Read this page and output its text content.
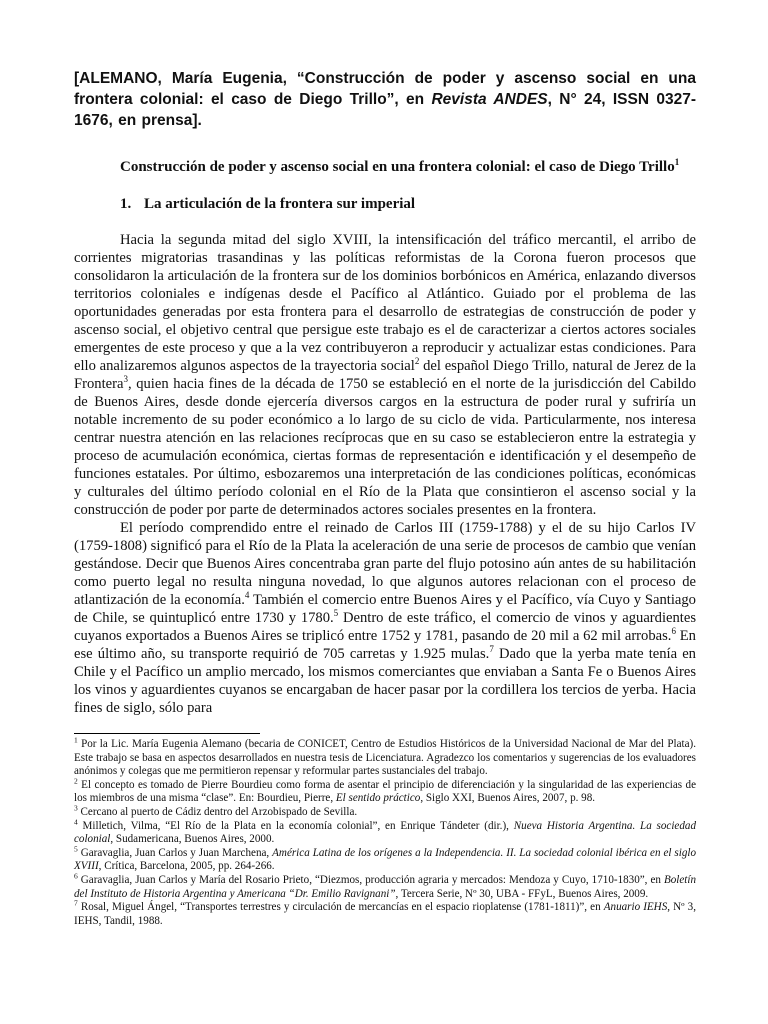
[ALEMANO, María Eugenia, “Construcción de poder y ascenso social en una frontera colonial: el caso de Diego Trillo”, en Revista ANDES, N° 24, ISSN 0327-1676, en prensa].

Construcción de poder y ascenso social en una frontera colonial: el caso de Diego Trillo$^1$

1. La articulación de la frontera sur imperial

Hacia la segunda mitad del siglo XVIII, la intensificación del tráfico mercantil, el arribo de corrientes migratorias trasandinas y las políticas reformistas de la Corona fueron procesos que consolidaron la articulación de la frontera sur de los dominios borbónicos en América, enlazando diversos territorios coloniales e indígenas desde el Pacífico al Atlántico. Guiado por el problema de las oportunidades generadas por esta frontera para el desarrollo de estrategias de construcción de poder y ascenso social, el objetivo central que persigue este trabajo es el de caracterizar a ciertos actores sociales emergentes de este proceso y que a la vez contribuyeron a reproducir y actualizar estas condiciones. Para ello analizaremos algunos aspectos de la trayectoria social$^2$ del español Diego Trillo, natural de Jerez de la Frontera$^3$, quien hacia fines de la década de 1750 se estableció en el norte de la jurisdicción del Cabildo de Buenos Aires, desde donde ejercería diversos cargos en la estructura de poder rural y sufriría un notable incremento de su poder económico a lo largo de su ciclo de vida. Particularmente, nos interesa centrar nuestra atención en las relaciones recíprocas que en su caso se establecieron entre la estrategia y proceso de acumulación económica, ciertas formas de representación e identificación y el desempeño de funciones estatales. Por último, esbozaremos una interpretación de las condiciones políticas, económicas y culturales del último período colonial en el Río de la Plata que consintieron el ascenso social y la construcción de poder por parte de determinados actores sociales presentes en la frontera.

El período comprendido entre el reinado de Carlos III (1759-1788) y el de su hijo Carlos IV (1759-1808) significó para el Río de la Plata la aceleración de una serie de procesos de cambio que venían gestándose. Decir que Buenos Aires concentraba gran parte del flujo potosino aún antes de su habilitación como puerto legal no resulta ninguna novedad, lo que algunos autores relacionan con el proceso de atlantización de la economía.$^4$ También el comercio entre Buenos Aires y el Pacífico, vía Cuyo y Santiago de Chile, se quintuplicó entre 1730 y 1780.$^5$ Dentro de este tráfico, el comercio de vinos y aguardientes cuyanos exportados a Buenos Aires se triplicó entre 1752 y 1781, pasando de 20 mil a 62 mil arrobas.$^6$ En ese último año, su transporte requirió de 705 carretas y 1.925 mulas.$^7$ Dado que la yerba mate tenía en Chile y el Pacífico un amplio mercado, los mismos comerciantes que enviaban a Santa Fe o Buenos Aires los vinos y aguardientes cuyanos se encargaban de hacer pasar por la cordillera los tercios de yerba. Hacia fines de siglo, sólo para

$^1$ Por la Lic. María Eugenia Alemano (becaria de CONICET, Centro de Estudios Históricos de la Universidad Nacional de Mar del Plata). Este trabajo se basa en aspectos desarrollados en nuestra tesis de Licenciatura. Agradezco los comentarios y sugerencias de los evaluadores anónimos y colegas que me permitieron repensar y reformular partes sustanciales del trabajo.

$^2$ El concepto es tomado de Pierre Bourdieu como forma de asentar el principio de diferenciación y la singularidad de las experiencias de los miembros de una misma “clase”. En: Bourdieu, Pierre, El sentido práctico, Siglo XXI, Buenos Aires, 2007, p. 98.

$^3$ Cercano al puerto de Cádiz dentro del Arzobispado de Sevilla.

$^4$ Milletich, Vilma, “El Río de la Plata en la economía colonial”, en Enrique Tándeter (dir.), Nueva Historia Argentina. La sociedad colonial, Sudamericana, Buenos Aires, 2000.

$^5$ Garavaglia, Juan Carlos y Juan Marchena, América Latina de los orígenes a la Independencia. II. La sociedad colonial ibérica en el siglo XVIII, Crítica, Barcelona, 2005, pp. 264-266.

$^6$ Garavaglia, Juan Carlos y María del Rosario Prieto, “Diezmos, producción agraria y mercados: Mendoza y Cuyo, 1710-1830”, en Boletín del Instituto de Historia Argentina y Americana “Dr. Emilio Ravignani”, Tercera Serie, Nº 30, UBA - FFyL, Buenos Aires, 2009.

$^7$ Rosal, Miguel Ángel, “Transportes terrestres y circulación de mercancías en el espacio rioplatense (1781-1811)”, en Anuario IEHS, Nº 3, IEHS, Tandil, 1988.
